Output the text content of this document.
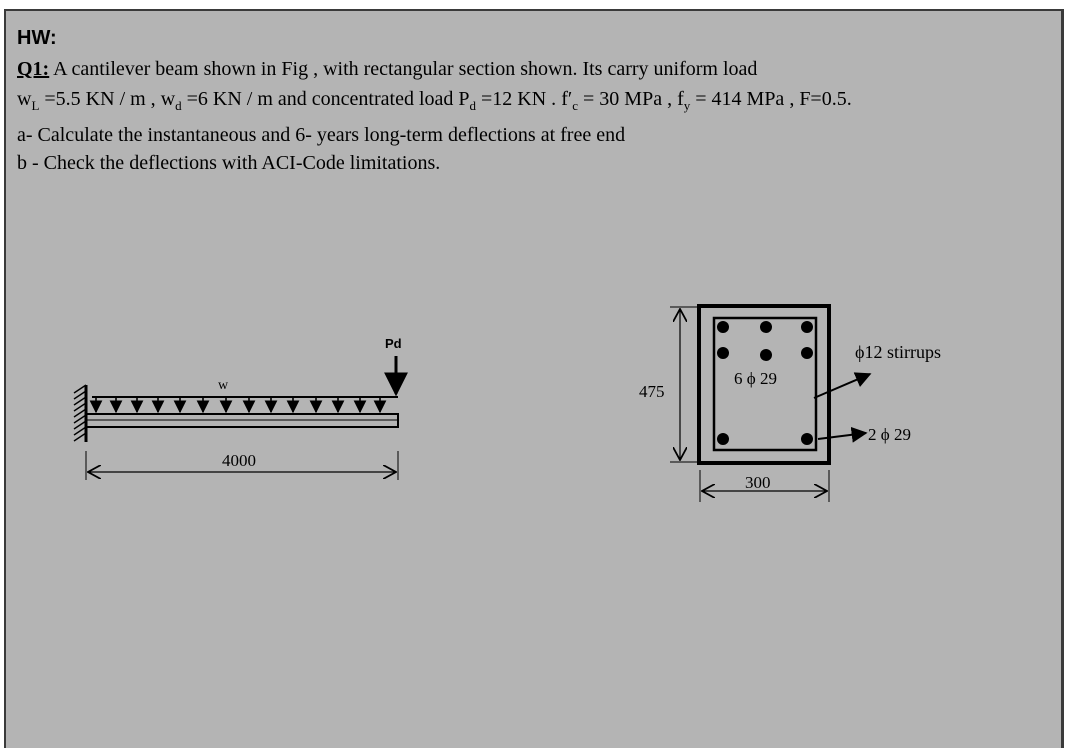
HW:

Q1: A cantilever beam shown in Fig , with rectangular section shown. Its carry uniform load

$w_L =5.5$ KN / m , $w_d =6$ KN / m and concentrated load $P_d =12$ KN . $f'_c = 30$ MPa , $f_y = 414$ MPa , F=0.5.

a- Calculate the instantaneous and 6- years long-term deflections at free end

b - Check the deflections with ACI-Code limitations.

w
Pd
4000
6 ϕ 29
475
300
ϕ12 stirrups
2 ϕ 29
